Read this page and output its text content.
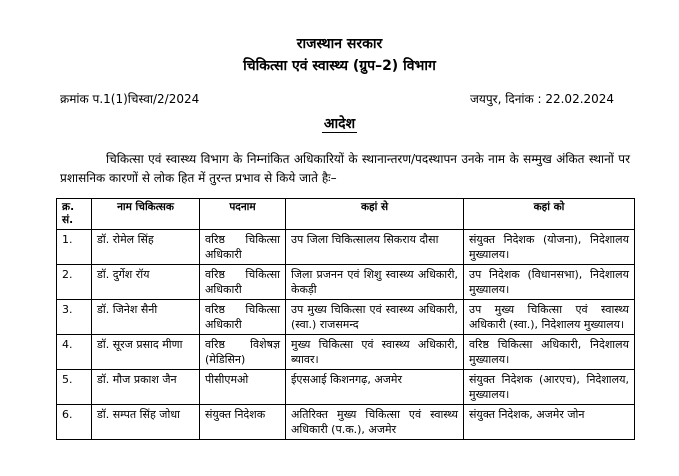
राजस्थान सरकार
चिकित्सा एवं स्वास्थ्य (ग्रुप–2) विभाग
क्रमांक प.1(1)चिस्वा/2/2024	जयपुर, दिनांक : 22.02.2024
आदेश
चिकित्सा एवं स्वास्थ्य विभाग के निम्नांकित अधिकारियों के स्थानान्तरण/पदस्थापन उनके नाम के सम्मुख अंकित स्थानों पर प्रशासनिक कारणों से लोक हित में तुरन्त प्रभाव से किये जाते हैः–
क्र. सं.	नाम चिकित्सक	पदनाम	कहां से	कहां को
1.	डॉ. रोमेल सिंह	वरिष्ठ चिकित्सा अधिकारी	उप जिला चिकित्सालय सिकराय दौसा	संयुक्त निदेशक (योजना), निदेशालय मुख्यालय।
2.	डॉ. दुर्गेश रॉय	वरिष्ठ चिकित्सा अधिकारी	जिला प्रजनन एवं शिशु स्वास्थ्य अधिकारी, केकड़ी	उप निदेशक (विधानसभा), निदेशालय मुख्यालय।
3.	डॉ. जिनेश सैनी	वरिष्ठ चिकित्सा अधिकारी	उप मुख्य चिकित्सा एवं स्वास्थ्य अधिकारी, (स्वा.) राजसमन्द	उप मुख्य चिकित्सा एवं स्वास्थ्य अधिकारी (स्वा.), निदेशालय मुख्यालय।
4.	डॉ. सूरज प्रसाद मीणा	वरिष्ठ विशेषज्ञ (मेडिसिन)	मुख्य चिकित्सा एवं स्वास्थ्य अधिकारी, ब्यावर।	वरिष्ठ चिकित्सा अधिकारी, निदेशालय मुख्यालय।
5.	डॉ. मौज प्रकाश जैन	पीसीएमओ	ईएसआई किशनगढ़, अजमेर	संयुक्त निदेशक (आरएच), निदेशालय, मुख्यालय।
6.	डॉ. सम्पत सिंह जोधा	संयुक्त निदेशक	अतिरिक्त मुख्य चिकित्सा एवं स्वास्थ्य अधिकारी (प.क.), अजमेर	संयुक्त निदेशक, अजमेर जोन
